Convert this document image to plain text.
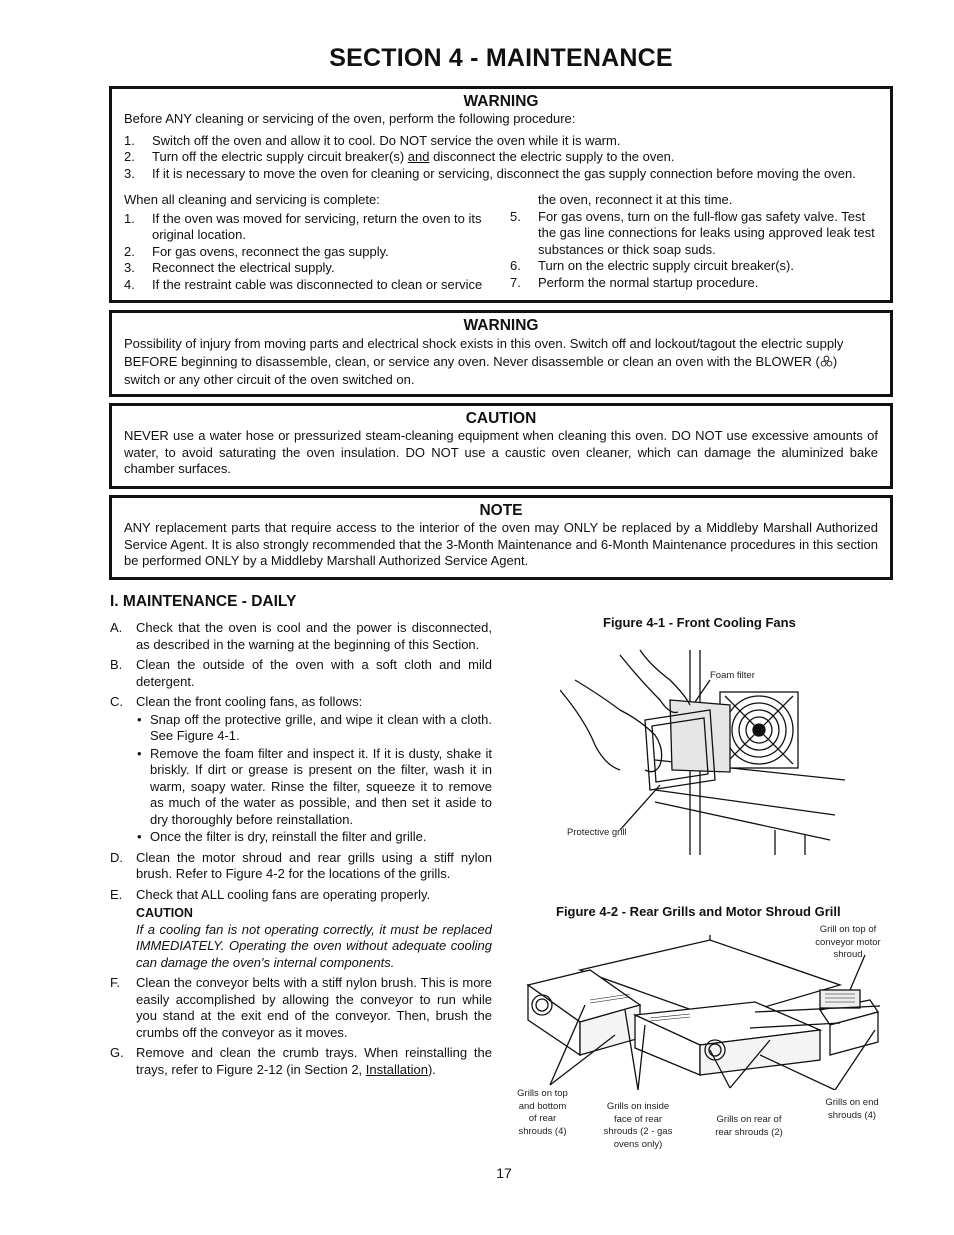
SECTION 4 - MAINTENANCE
WARNING

Before ANY cleaning or servicing of the oven, perform the following procedure:

1. Switch off the oven and allow it to cool. Do NOT service the oven while it is warm.
2. Turn off the electric supply circuit breaker(s) and disconnect the electric supply to the oven.
3. If it is necessary to move the oven for cleaning or servicing, disconnect the gas supply connection before moving the oven.

When all cleaning and servicing is complete:

1. If the oven was moved for servicing, return the oven to its original location.
2. For gas ovens, reconnect the gas supply.
3. Reconnect the electrical supply.
4. If the restraint cable was disconnected to clean or service

the oven, reconnect it at this time.

5. For gas ovens, turn on the full-flow gas safety valve. Test the gas line connections for leaks using approved leak test substances or thick soap suds.
6. Turn on the electric supply circuit breaker(s).
7. Perform the normal startup procedure.
WARNING

Possibility of injury from moving parts and electrical shock exists in this oven. Switch off and lockout/tagout the electric supply

BEFORE beginning to disassemble, clean, or service any oven. Never disassemble or clean an oven with the BLOWER ( )

switch or any other circuit of the oven switched on.

CAUTION

NEVER use a water hose or pressurized steam-cleaning equipment when cleaning this oven. DO NOT use excessive amounts of water, to avoid saturating the oven insulation. DO NOT use a caustic oven cleaner, which can damage the aluminized bake chamber surfaces.

NOTE

ANY replacement parts that require access to the interior of the oven may ONLY be replaced by a Middleby Marshall Authorized Service Agent. It is also strongly recommended that the 3-Month Maintenance and 6-Month Maintenance procedures in this section be performed ONLY by a Middleby Marshall Authorized Service Agent.

I. MAINTENANCE - DAILY
A. Check that the oven is cool and the power is disconnected, as described in the warning at the beginning of this Section.
B. Clean the outside of the oven with a soft cloth and mild detergent.
C. Clean the front cooling fans, as follows:
• Snap off the protective grille, and wipe it clean with a cloth. See Figure 4-1.
• Remove the foam filter and inspect it. If it is dusty, shake it briskly. If dirt or grease is present on the filter, wash it in warm, soapy water. Rinse the filter, squeeze it to remove as much of the water as possible, and then set it aside to dry thoroughly before reinstallation.
• Once the filter is dry, reinstall the filter and grille.
D. Clean the motor shroud and rear grills using a stiff nylon brush. Refer to Figure 4-2 for the locations of the grills.
E. Check that ALL cooling fans are operating properly.
CAUTION
If a cooling fan is not operating correctly, it must be replaced IMMEDIATELY. Operating the oven without adequate cooling can damage the oven's internal components.
F. Clean the conveyor belts with a stiff nylon brush. This is more easily accomplished by allowing the conveyor to run while you stand at the exit end of the conveyor. Then, brush the crumbs off the conveyor as it moves.
G. Remove and clean the crumb trays. When reinstalling the trays, refer to Figure 2-12 (in Section 2, Installation).
Figure 4-1 - Front Cooling Fans
Foam filter
Protective grill
Figure 4-2 - Rear Grills and Motor Shroud Grill
Grill on top of
conveyor motor
shroud
Grills on top
and bottom
of rear
shrouds (4)
Grills on inside
face of rear
shrouds (2 - gas
ovens only)
Grills on rear of
rear shrouds (2)
Grills on end
shrouds (4)
17
